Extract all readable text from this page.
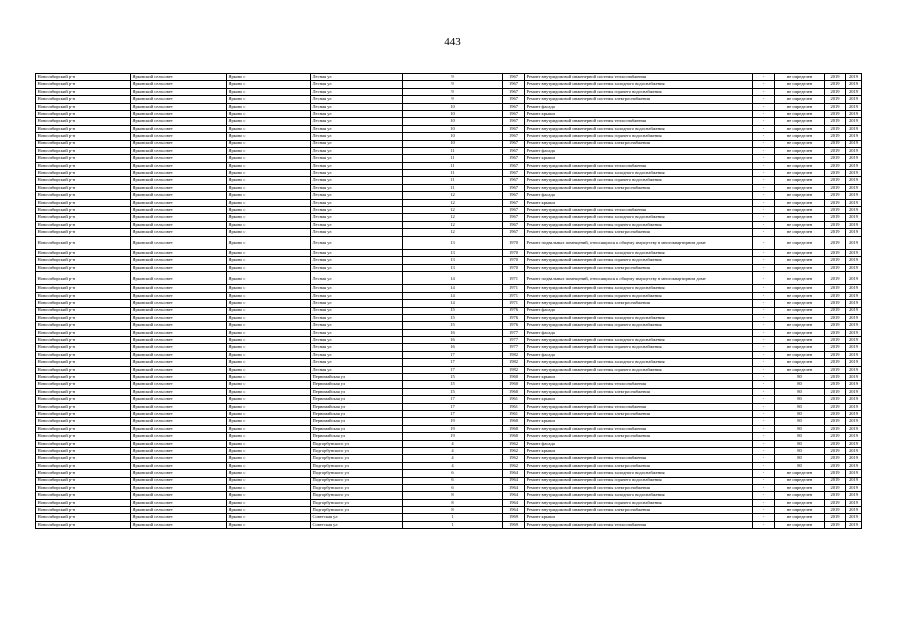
443
Новосибирский р-н	Ярковский сельсовет	Ярково с	Лесная ул	9	1967	Ремонт внутридомовой инженерной системы теплоснабжения	-	не определен	2019	2019
Новосибирский р-н	Ярковский сельсовет	Ярково с	Лесная ул	9	1967	Ремонт внутридомовой инженерной системы холодного водоснабжения	-	не определен	2019	2019
Новосибирский р-н	Ярковский сельсовет	Ярково с	Лесная ул	9	1967	Ремонт внутридомовой инженерной системы горячего водоснабжения	-	не определен	2019	2019
Новосибирский р-н	Ярковский сельсовет	Ярково с	Лесная ул	9	1967	Ремонт внутридомовой инженерной системы электроснабжения	-	не определен	2019	2019
Новосибирский р-н	Ярковский сельсовет	Ярково с	Лесная ул	10	1967	Ремонт фасада	-	не определен	2019	2019
Новосибирский р-н	Ярковский сельсовет	Ярково с	Лесная ул	10	1967	Ремонт крыши	-	не определен	2019	2019
Новосибирский р-н	Ярковский сельсовет	Ярково с	Лесная ул	10	1967	Ремонт внутридомовой инженерной системы теплоснабжения	-	не определен	2019	2019
Новосибирский р-н	Ярковский сельсовет	Ярково с	Лесная ул	10	1967	Ремонт внутридомовой инженерной системы холодного водоснабжения	-	не определен	2019	2019
Новосибирский р-н	Ярковский сельсовет	Ярково с	Лесная ул	10	1967	Ремонт внутридомовой инженерной системы горячего водоснабжения	-	не определен	2019	2019
Новосибирский р-н	Ярковский сельсовет	Ярково с	Лесная ул	10	1967	Ремонт внутридомовой инженерной системы электроснабжения	-	не определен	2019	2019
Новосибирский р-н	Ярковский сельсовет	Ярково с	Лесная ул	11	1967	Ремонт фасада	-	не определен	2019	2019
Новосибирский р-н	Ярковский сельсовет	Ярково с	Лесная ул	11	1967	Ремонт крыши	-	не определен	2019	2019
Новосибирский р-н	Ярковский сельсовет	Ярково с	Лесная ул	11	1967	Ремонт внутридомовой инженерной системы теплоснабжения	-	не определен	2019	2019
Новосибирский р-н	Ярковский сельсовет	Ярково с	Лесная ул	11	1967	Ремонт внутридомовой инженерной системы холодного водоснабжения	-	не определен	2019	2019
Новосибирский р-н	Ярковский сельсовет	Ярково с	Лесная ул	11	1967	Ремонт внутридомовой инженерной системы горячего водоснабжения	-	не определен	2019	2019
Новосибирский р-н	Ярковский сельсовет	Ярково с	Лесная ул	11	1967	Ремонт внутридомовой инженерной системы электроснабжения	-	не определен	2019	2019
Новосибирский р-н	Ярковский сельсовет	Ярково с	Лесная ул	12	1967	Ремонт фасада	-	не определен	2019	2019
Новосибирский р-н	Ярковский сельсовет	Ярково с	Лесная ул	12	1967	Ремонт крыши	-	не определен	2019	2019
Новосибирский р-н	Ярковский сельсовет	Ярково с	Лесная ул	12	1967	Ремонт внутридомовой инженерной системы теплоснабжения	-	не определен	2019	2019
Новосибирский р-н	Ярковский сельсовет	Ярково с	Лесная ул	12	1967	Ремонт внутридомовой инженерной системы холодного водоснабжения	-	не определен	2019	2019
Новосибирский р-н	Ярковский сельсовет	Ярково с	Лесная ул	12	1967	Ремонт внутридомовой инженерной системы горячего водоснабжения	-	не определен	2019	2019
Новосибирский р-н	Ярковский сельсовет	Ярково с	Лесная ул	12	1967	Ремонт внутридомовой инженерной системы электроснабжения	-	не определен	2019	2019
Новосибирский р-н	Ярковский сельсовет	Ярково с	Лесная ул	13	1970	Ремонт подвальных помещений, относящихся к общему имуществу в многоквартирном доме	-	не определен	2019	2019
Новосибирский р-н	Ярковский сельсовет	Ярково с	Лесная ул	13	1970	Ремонт внутридомовой инженерной системы холодного водоснабжения	-	не определен	2019	2019
Новосибирский р-н	Ярковский сельсовет	Ярково с	Лесная ул	13	1970	Ремонт внутридомовой инженерной системы горячего водоснабжения	-	не определен	2019	2019
Новосибирский р-н	Ярковский сельсовет	Ярково с	Лесная ул	13	1970	Ремонт внутридомовой инженерной системы электроснабжения	-	не определен	2019	2019
Новосибирский р-н	Ярковский сельсовет	Ярково с	Лесная ул	14	1971	Ремонт подвальных помещений, относящихся к общему имуществу в многоквартирном доме	-	не определен	2019	2019
Новосибирский р-н	Ярковский сельсовет	Ярково с	Лесная ул	14	1971	Ремонт внутридомовой инженерной системы холодного водоснабжения	-	не определен	2019	2019
Новосибирский р-н	Ярковский сельсовет	Ярково с	Лесная ул	14	1971	Ремонт внутридомовой инженерной системы горячего водоснабжения	-	не определен	2019	2019
Новосибирский р-н	Ярковский сельсовет	Ярково с	Лесная ул	14	1971	Ремонт внутридомовой инженерной системы электроснабжения	-	не определен	2019	2019
Новосибирский р-н	Ярковский сельсовет	Ярково с	Лесная ул	15	1976	Ремонт фасада	-	не определен	2019	2019
Новосибирский р-н	Ярковский сельсовет	Ярково с	Лесная ул	15	1976	Ремонт внутридомовой инженерной системы холодного водоснабжения	-	не определен	2019	2019
Новосибирский р-н	Ярковский сельсовет	Ярково с	Лесная ул	15	1976	Ремонт внутридомовой инженерной системы горячего водоснабжения	-	не определен	2019	2019
Новосибирский р-н	Ярковский сельсовет	Ярково с	Лесная ул	16	1977	Ремонт фасада	-	не определен	2019	2019
Новосибирский р-н	Ярковский сельсовет	Ярково с	Лесная ул	16	1977	Ремонт внутридомовой инженерной системы холодного водоснабжения	-	не определен	2019	2019
Новосибирский р-н	Ярковский сельсовет	Ярково с	Лесная ул	16	1977	Ремонт внутридомовой инженерной системы горячего водоснабжения	-	не определен	2019	2019
Новосибирский р-н	Ярковский сельсовет	Ярково с	Лесная ул	17	1982	Ремонт фасада	-	не определен	2019	2019
Новосибирский р-н	Ярковский сельсовет	Ярково с	Лесная ул	17	1982	Ремонт внутридомовой инженерной системы холодного водоснабжения	-	не определен	2019	2019
Новосибирский р-н	Ярковский сельсовет	Ярково с	Лесная ул	17	1982	Ремонт внутридомовой инженерной системы горячего водоснабжения	-	не определен	2019	2019
Новосибирский р-н	Ярковский сельсовет	Ярково с	Первомайская ул	15	1960	Ремонт крыши	-	80	2019	2019
Новосибирский р-н	Ярковский сельсовет	Ярково с	Первомайская ул	15	1960	Ремонт внутридомовой инженерной системы теплоснабжения	-	80	2019	2019
Новосибирский р-н	Ярковский сельсовет	Ярково с	Первомайская ул	15	1960	Ремонт внутридомовой инженерной системы электроснабжения	-	80	2019	2019
Новосибирский р-н	Ярковский сельсовет	Ярково с	Первомайская ул	17	1961	Ремонт крыши	-	80	2019	2019
Новосибирский р-н	Ярковский сельсовет	Ярково с	Первомайская ул	17	1961	Ремонт внутридомовой инженерной системы теплоснабжения	-	80	2019	2019
Новосибирский р-н	Ярковский сельсовет	Ярково с	Первомайская ул	17	1961	Ремонт внутридомовой инженерной системы электроснабжения	-	80	2019	2019
Новосибирский р-н	Ярковский сельсовет	Ярково с	Первомайская ул	19	1960	Ремонт крыши	-	80	2019	2019
Новосибирский р-н	Ярковский сельсовет	Ярково с	Первомайская ул	19	1960	Ремонт внутридомовой инженерной системы теплоснабжения	-	80	2019	2019
Новосибирский р-н	Ярковский сельсовет	Ярково с	Первомайская ул	19	1960	Ремонт внутридомовой инженерной системы электроснабжения	-	80	2019	2019
Новосибирский р-н	Ярковский сельсовет	Ярково с	Подгорбунского ул	4	1962	Ремонт фасада	-	80	2019	2019
Новосибирский р-н	Ярковский сельсовет	Ярково с	Подгорбунского ул	4	1962	Ремонт крыши	-	80	2019	2019
Новосибирский р-н	Ярковский сельсовет	Ярково с	Подгорбунского ул	4	1962	Ремонт внутридомовой инженерной системы теплоснабжения	-	80	2019	2019
Новосибирский р-н	Ярковский сельсовет	Ярково с	Подгорбунского ул	4	1962	Ремонт внутридомовой инженерной системы электроснабжения	-	80	2019	2019
Новосибирский р-н	Ярковский сельсовет	Ярково с	Подгорбунского ул	6	1964	Ремонт внутридомовой инженерной системы холодного водоснабжения	-	не определен	2019	2019
Новосибирский р-н	Ярковский сельсовет	Ярково с	Подгорбунского ул	6	1964	Ремонт внутридомовой инженерной системы горячего водоснабжения	-	не определен	2019	2019
Новосибирский р-н	Ярковский сельсовет	Ярково с	Подгорбунского ул	6	1964	Ремонт внутридомовой инженерной системы электроснабжения	-	не определен	2019	2019
Новосибирский р-н	Ярковский сельсовет	Ярково с	Подгорбунского ул	8	1964	Ремонт внутридомовой инженерной системы холодного водоснабжения	-	не определен	2019	2019
Новосибирский р-н	Ярковский сельсовет	Ярково с	Подгорбунского ул	8	1964	Ремонт внутридомовой инженерной системы горячего водоснабжения	-	не определен	2019	2019
Новосибирский р-н	Ярковский сельсовет	Ярково с	Подгорбунского ул	8	1964	Ремонт внутридомовой инженерной системы электроснабжения	-	не определен	2019	2019
Новосибирский р-н	Ярковский сельсовет	Ярково с	Советская ул	1	1969	Ремонт крыши	-	не определен	2019	2019
Новосибирский р-н	Ярковский сельсовет	Ярково с	Советская ул	1	1969	Ремонт внутридомовой инженерной системы теплоснабжения	-	не определен	2019	2019
